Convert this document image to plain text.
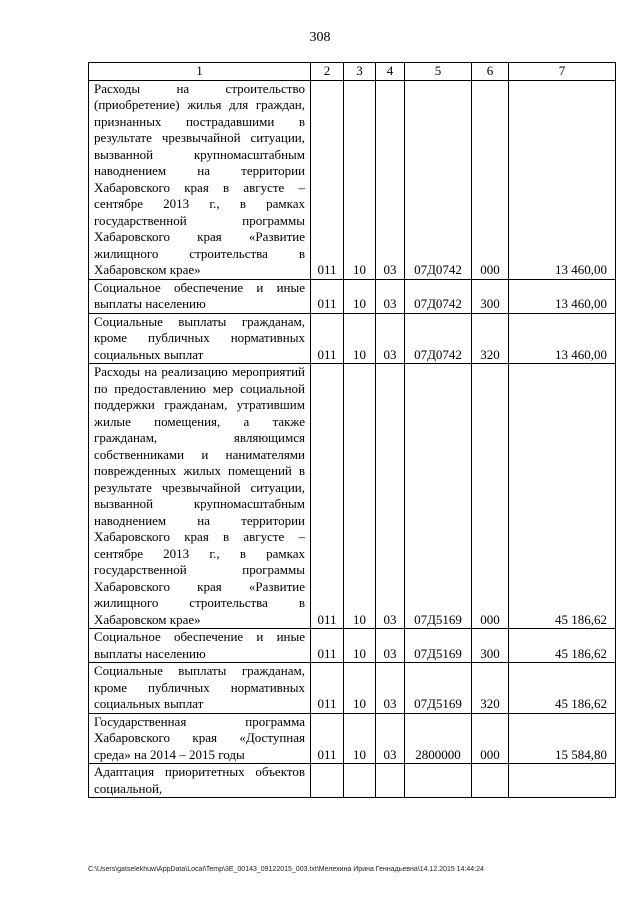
308
1	2	3	4	5	6	7
Расходы на строительство (приобретение) жилья для граждан, признанных пострадавшими в результате чрезвычайной ситуации, вызванной крупномасштабным наводнением на территории Хабаровского края в августе – сентябре 2013 г., в рамках государственной программы Хабаровского края «Развитие жилищного строительства в Хабаровском крае»	011	10	03	07Д0742	000	13 460,00
Социальное обеспечение и иные выплаты населению	011	10	03	07Д0742	300	13 460,00
Социальные выплаты гражданам, кроме публичных нормативных социальных выплат	011	10	03	07Д0742	320	13 460,00
Расходы на реализацию мероприятий по предоставлению мер социальной поддержки гражданам, утратившим жилые помещения, а также гражданам, являющимся собственниками и нанимателями поврежденных жилых помещений в результате чрезвычайной ситуации, вызванной крупномасштабным наводнением на территории Хабаровского края в августе – сентябре 2013 г., в рамках государственной программы Хабаровского края «Развитие жилищного строительства в Хабаровском крае»	011	10	03	07Д5169	000	45 186,62
Социальное обеспечение и иные выплаты населению	011	10	03	07Д5169	300	45 186,62
Социальные выплаты гражданам, кроме публичных нормативных социальных выплат	011	10	03	07Д5169	320	45 186,62
Государственная программа Хабаровского края «Доступная среда» на 2014 – 2015 годы	011	10	03	2800000	000	15 584,80
Адаптация приоритетных объектов социальной,						
C:\Users\gatselekhuw\AppData\Local\Temp\3E_00143_09122015_003.txt\Мелехина Ирина Геннадьевна\14.12.2015 14:44:24
